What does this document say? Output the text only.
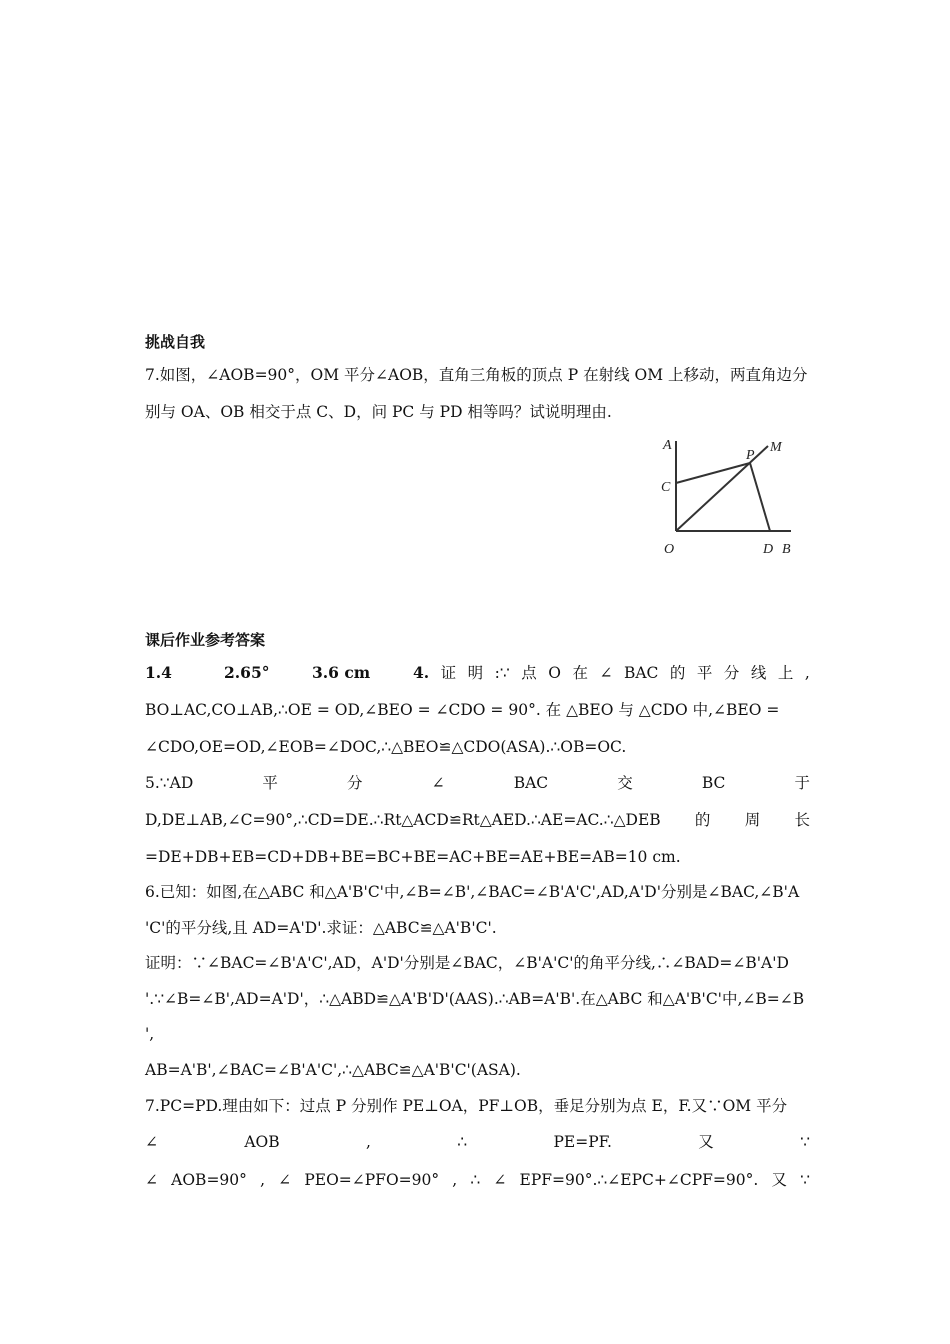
挑战自我
7.如图，∠AOB=90°，OM 平分∠AOB，直角三角板的顶点 P 在射线 OM 上移动，两直角边分
别与 OA、OB 相交于点 C、D，问 PC 与 PD 相等吗？试说明理由.
A
C
O
P
M
D B
课后作业参考答案
1.4	2.65°	3.6 cm	4. 证 明 :∵ 点 O 在 ∠ BAC 的 平 分 线 上 ,
BO⊥AC,CO⊥AB,∴OE = OD,∠BEO = ∠CDO = 90°. 在 △BEO 与 △CDO 中,∠BEO =
∠CDO,OE=OD,∠EOB=∠DOC,∴△BEO≌△CDO(ASA).∴OB=OC.
5.∵AD	平	分	∠	BAC	交	BC	于
D,DE⊥AB,∠C=90°,∴CD=DE.∴Rt△ACD≌Rt△AED.∴AE=AC.∴△DEB 的 周 长
=DE+DB+EB=CD+DB+BE=BC+BE=AC+BE=AE+BE=AB=10 cm.
6.已知：如图,在△ABC 和△A'B'C'中,∠B=∠B',∠BAC=∠B'A'C',AD,A'D'分别是∠BAC,∠B'A
'C'的平分线,且 AD=A'D'.求证：△ABC≌△A'B'C'.
证明：∵∠BAC=∠B'A'C',AD，A'D'分别是∠BAC，∠B'A'C'的角平分线,∴∠BAD=∠B'A'D
'.∵∠B=∠B',AD=A'D'，∴△ABD≌△A'B'D'(AAS).∴AB=A'B'.在△ABC 和△A'B'C'中,∠B=∠B
',
AB=A'B',∠BAC=∠B'A'C',∴△ABC≌△A'B'C'(ASA).
7.PC=PD.理由如下：过点 P 分别作 PE⊥OA，PF⊥OB，垂足分别为点 E，F.又∵OM 平分
∠	AOB	,	∴	PE=PF.	又	∵
∠ AOB=90° , ∠ PEO=∠PFO=90° , ∴ ∠ EPF=90°.∴∠EPC+∠CPF=90°. 又 ∵
